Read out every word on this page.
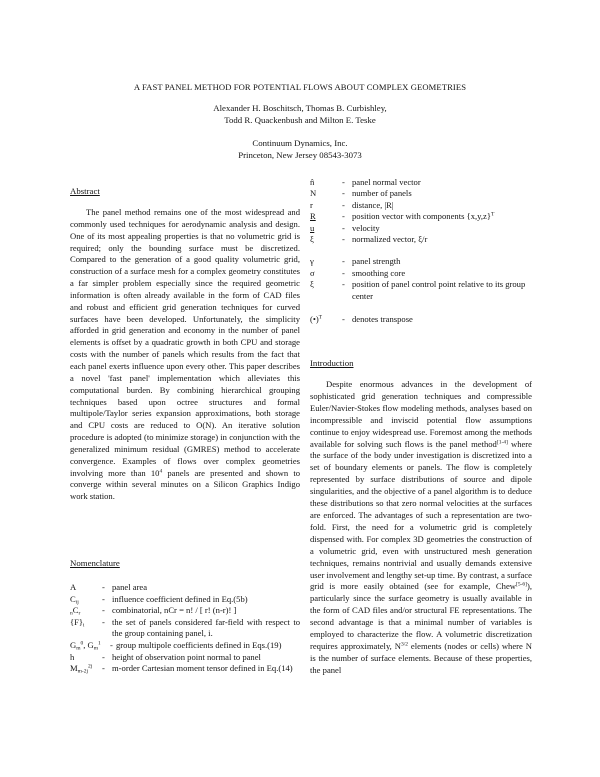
A FAST PANEL METHOD FOR POTENTIAL FLOWS ABOUT COMPLEX GEOMETRIES
Alexander H. Boschitsch, Thomas B. Curbishley,
Todd R. Quackenbush and Milton E. Teske
Continuum Dynamics, Inc.
Princeton, New Jersey 08543-3073

Abstract

The panel method remains one of the most widespread and commonly used techniques for aerodynamic analysis and design. One of its most appealing properties is that no volumetric grid is required; only the bounding surface must be discretized. Compared to the generation of a good quality volumetric grid, construction of a surface mesh for a complex geometry constitutes a far simpler problem especially since the required geometric information is often already available in the form of CAD files and robust and efficient grid generation techniques for curved surfaces have been developed. Unfortunately, the simplicity afforded in grid generation and economy in the number of panel elements is offset by a quadratic growth in both CPU and storage costs with the number of panels which results from the fact that each panel exerts influence upon every other. This paper describes a novel 'fast panel' implementation which alleviates this computational burden. By combining hierarchical grouping techniques based upon octree structures and formal multipole/Taylor series expansion approximations, both storage and CPU costs are reduced to O(N). An iterative solution procedure is adopted (to minimize storage) in conjunction with the generalized minimum residual (GMRES) method to accelerate convergence. Examples of flows over complex geometries involving more than $10^4$ panels are presented and shown to converge within several minutes on a Silicon Graphics Indigo work station.

Nomenclature

A	- panel area
$C_{ij}$	- influence coefficient defined in Eq.(5b)
$_nC_r$	- combinatorial, nCr = n! / [ r! (n-r)! ]
$\{F\}_i$	- the set of panels considered far-field with respect to the group containing panel, i.
$G_m^0$, $G_m^1$	- group multipole coefficients defined in Eqs.(19)
h	- height of observation point normal to panel
$M_{m-2j}^{2j}$	- m-order Cartesian moment tensor defined in Eq.(14)
n̂	- panel normal vector
N	- number of panels
r	- distance, |R|
R	- position vector with components $\{x,y,z\}^T$
u	- velocity
ξ	- normalized vector, ξ/r
γ	- panel strength
σ	- smoothing core
ξ	- position of panel control point relative to its group center
(•)$^T$	- denotes transpose

Introduction

Despite enormous advances in the development of sophisticated grid generation techniques and compressible Euler/Navier-Stokes flow modeling methods, analyses based on incompressible and inviscid potential flow assumptions continue to enjoy widespread use. Foremost among the methods available for solving such flows is the panel method[1-4] where the surface of the body under investigation is discretized into a set of boundary elements or panels. The flow is completely represented by surface distributions of source and dipole singularities, and the objective of a panel algorithm is to deduce these distributions so that zero normal velocities at the surfaces are enforced. The advantages of such a representation are two-fold. First, the need for a volumetric grid is completely dispensed with. For complex 3D geometries the construction of a volumetric grid, even with unstructured mesh generation techniques, remains nontrivial and usually demands extensive user involvement and lengthy set-up time. By contrast, a surface grid is more easily obtained (see for example, Chew[5-6]), particularly since the surface geometry is usually available in the form of CAD files and/or structural FE representations. The second advantage is that a minimal number of variables is employed to characterize the flow. A volumetric discretization requires approximately, $N^{3/2}$ elements (nodes or cells) where N is the number of surface elements. Because of these properties, the panel
